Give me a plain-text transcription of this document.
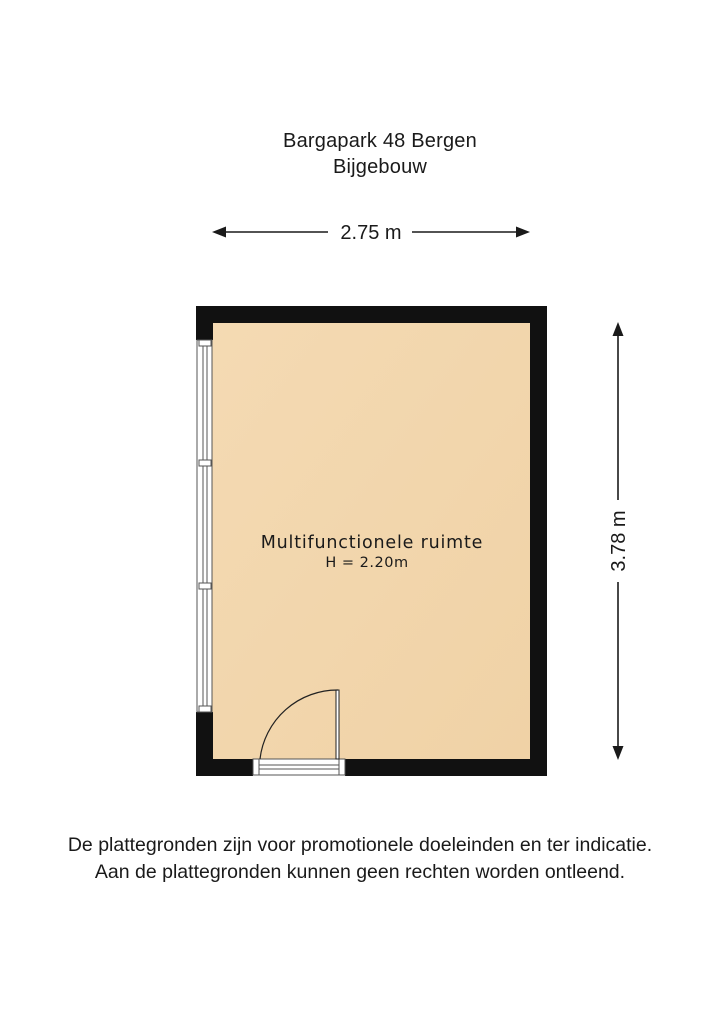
Bargapark 48 Bergen
Bijgebouw
2.75 m
3.78 m
Multifunctionele ruimte
H = 2.20m
De plattegronden zijn voor promotionele doeleinden en ter indicatie.
Aan de plattegronden kunnen geen rechten worden ontleend.
